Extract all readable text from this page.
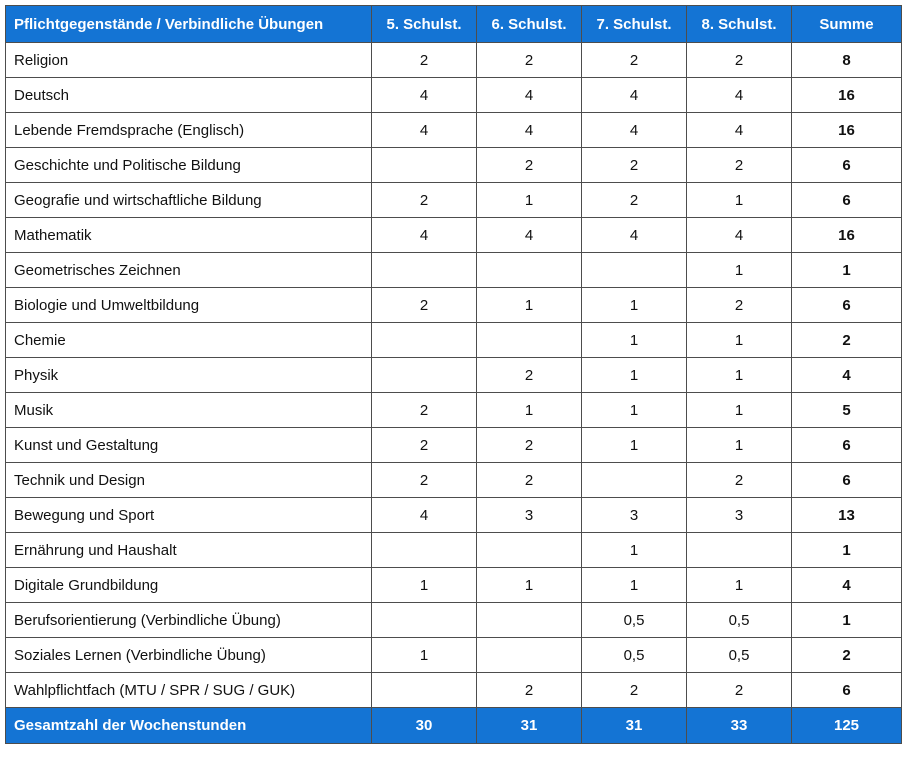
Pflichtgegenstände / Verbindliche Übungen	5. Schulst.	6. Schulst.	7. Schulst.	8. Schulst.	Summe
Religion	2	2	2	2	8
Deutsch	4	4	4	4	16
Lebende Fremdsprache (Englisch)	4	4	4	4	16
Geschichte und Politische Bildung		2	2	2	6
Geografie und wirtschaftliche Bildung	2	1	2	1	6
Mathematik	4	4	4	4	16
Geometrisches Zeichnen				1	1
Biologie und Umweltbildung	2	1	1	2	6
Chemie			1	1	2
Physik		2	1	1	4
Musik	2	1	1	1	5
Kunst und Gestaltung	2	2	1	1	6
Technik und Design	2	2		2	6
Bewegung und Sport	4	3	3	3	13
Ernährung und Haushalt			1		1
Digitale Grundbildung	1	1	1	1	4
Berufsorientierung (Verbindliche Übung)			0,5	0,5	1
Soziales Lernen (Verbindliche Übung)	1		0,5	0,5	2
Wahlpflichtfach (MTU / SPR / SUG / GUK)		2	2	2	6
Gesamtzahl der Wochenstunden	30	31	31	33	125
